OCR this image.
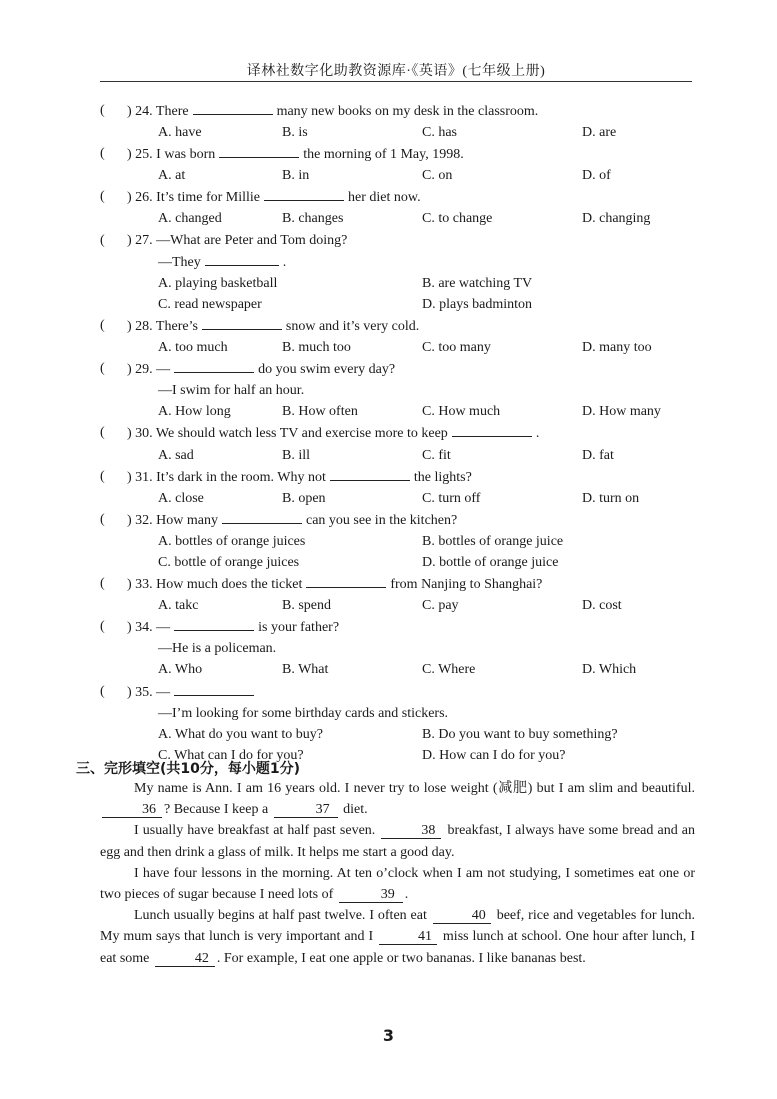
译林社数字化助教资源库·《英语》(七年级上册)
( ) 24. There	many new books on my desk in the classroom.
A. have	B. is	C. has	D. are
( ) 25. I was born	the morning of 1 May, 1998.
A. at	B. in	C. on	D. of
( ) 26. It’s time for Millie	her diet now.
A. changed	B. changes	C. to change	D. changing
( ) 27. —What are Peter and Tom doing?
—They	.
A. playing basketball	B. are watching TV
C. read newspaper	D. plays badminton
( ) 28. There’s	snow and it’s very cold.
A. too much	B. much too	C. too many	D. many too
( ) 29. —	do you swim every day?
—I swim for half an hour.
A. How long	B. How often	C. How much	D. How many
( ) 30. We should watch less TV and exercise more to keep	.
A. sad	B. ill	C. fit	D. fat
( ) 31. It’s dark in the room. Why not	the lights?
A. close	B. open	C. turn off	D. turn on
( ) 32. How many	can you see in the kitchen?
A. bottles of orange juices	B. bottles of orange juice
C. bottle of orange juices	D. bottle of orange juice
( ) 33. How much does the ticket	from Nanjing to Shanghai?
A. takc	B. spend	C. pay	D. cost
( ) 34. —	is your father?
—He is a policeman.
A. Who	B. What	C. Where	D. Which
( ) 35. —
—I’m looking for some birthday cards and stickers.
A. What do you want to buy?	B. Do you want to buy something?
C. What can I do for you?	D. How can I do for you?
三、完形填空(共10分，每小题1分)

My name is Ann. I am 16 years old. I never try to lose weight (减肥) but I am slim and beautiful. 36 ? Because I keep a	37 diet.

I usually have breakfast at half past seven.	38 breakfast, I always have some bread and an egg and then drink a glass of milk. It helps me start a good day.

I have four lessons in the morning. At ten o’clock when I am not studying, I sometimes eat one or two pieces of sugar because I need lots of	39 .

Lunch usually begins at half past twelve. I often eat	40 beef, rice and vegetables for lunch. My mum says that lunch is very important and I	41 miss lunch at school. One hour after lunch, I eat some	42 . For example, I eat one apple or two bananas. I like bananas best.

3
